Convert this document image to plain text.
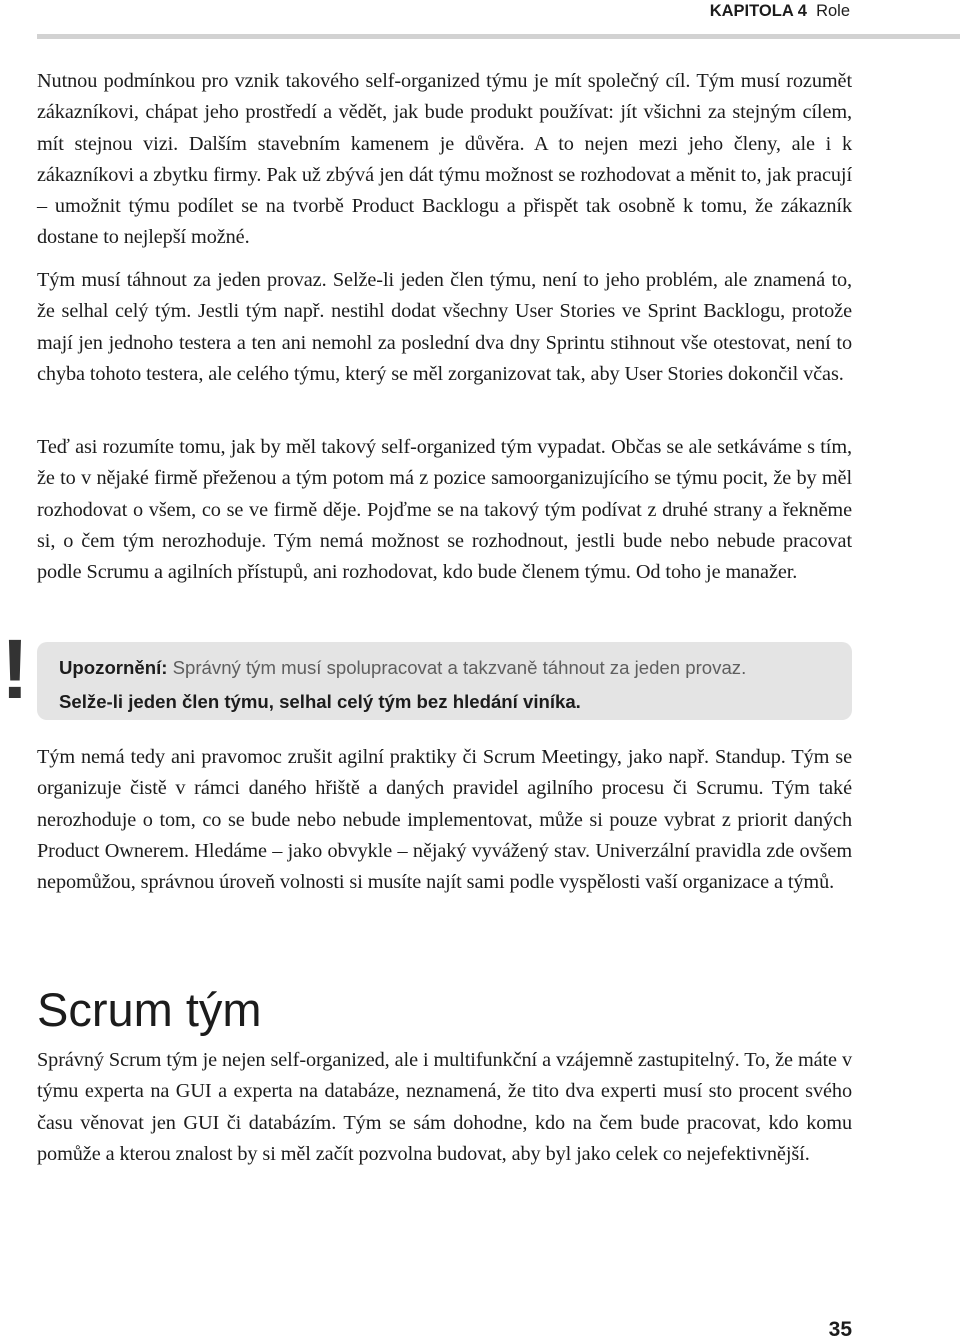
KAPITOLA 4 Role

Nutnou podmínkou pro vznik takového self-organized týmu je mít společný cíl. Tým musí rozumět zákazníkovi, chápat jeho prostředí a vědět, jak bude produkt používat: jít všichni za stejným cílem, mít stejnou vizi. Dalším stavebním kamenem je důvěra. A to nejen mezi jeho členy, ale i k zákazníkovi a zbytku firmy. Pak už zbývá jen dát týmu možnost se rozhodovat a měnit to, jak pracují – umožnit týmu podílet se na tvorbě Product Backlogu a přispět tak osobně k tomu, že zákazník dostane to nejlepší možné.

Tým musí táhnout za jeden provaz. Selže-li jeden člen týmu, není to jeho problém, ale znamená to, že selhal celý tým. Jestli tým např. nestihl dodat všechny User Stories ve Sprint Backlogu, protože mají jen jednoho testera a ten ani nemohl za poslední dva dny Sprintu stihnout vše otestovat, není to chyba tohoto testera, ale celého týmu, který se měl zorganizovat tak, aby User Stories dokončil včas.

Teď asi rozumíte tomu, jak by měl takový self-organized tým vypadat. Občas se ale setkáváme s tím, že to v nějaké firmě přeženou a tým potom má z pozice samoorganizujícího se týmu pocit, že by měl rozhodovat o všem, co se ve firmě děje. Pojďme se na takový tým podívat z druhé strany a řekněme si, o čem tým nerozhoduje. Tým nemá možnost se rozhodnout, jestli bude nebo nebude pracovat podle Scrumu a agilních přístupů, ani rozhodovat, kdo bude členem týmu. Od toho je manažer.

!	Upozornění: Správný tým musí spolupracovat a takzvaně táhnout za jeden provaz.
Selže-li jeden člen týmu, selhal celý tým bez hledání viníka.

Tým nemá tedy ani pravomoc zrušit agilní praktiky či Scrum Meetingy, jako např. Standup. Tým se organizuje čistě v rámci daného hřiště a daných pravidel agilního procesu či Scrumu. Tým také nerozhoduje o tom, co se bude nebo nebude implementovat, může si pouze vybrat z priorit daných Product Ownerem. Hledáme – jako obvykle – nějaký vyvážený stav. Univerzální pravidla zde ovšem nepomůžou, správnou úroveň volnosti si musíte najít sami podle vyspělosti vaší organizace a týmů.

Scrum tým

Správný Scrum tým je nejen self-organized, ale i multifunkční a vzájemně zastupitelný. To, že máte v týmu experta na GUI a experta na databáze, neznamená, že tito dva experti musí sto procent svého času věnovat jen GUI či databázím. Tým se sám dohodne, kdo na čem bude pracovat, kdo komu pomůže a kterou znalost by si měl začít pozvolna budovat, aby byl jako celek co nejefektivnější.

35
